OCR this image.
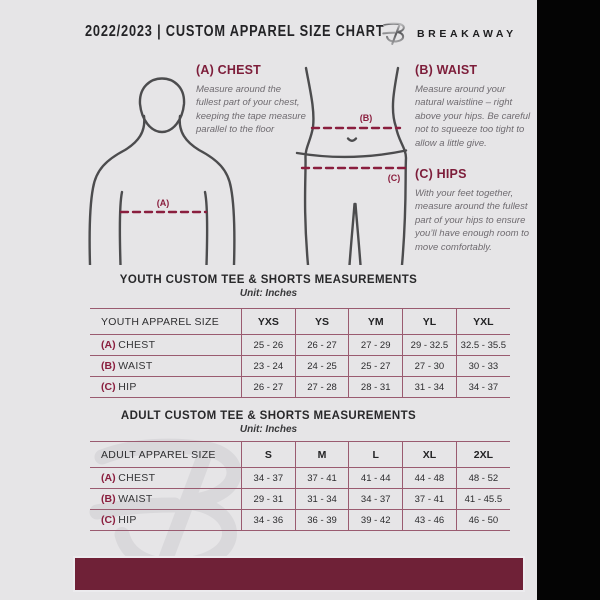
2022/2023 | CUSTOM APPAREL SIZE CHART	BREAKAWAY
(A)
(B)
(C)
(A) CHEST

Measure around the fullest part of your chest, keeping the tape measure parallel to the floor

(B) WAIST

Measure around your natural waistline – right above your hips. Be careful not to squeeze too tight to allow a little give.

(C) HIPS

With your feet together, measure around the fullest part of your hips to ensure you’ll have enough room to move comfortably.

YOUTH CUSTOM TEE & SHORTS MEASUREMENTS
Unit: Inches
YOUTH APPAREL SIZE	YXS	YS	YM	YL	YXL
(A) CHEST	25 - 26	26 - 27	27 - 29	29 - 32.5	32.5 - 35.5
(B) WAIST	23 - 24	24 - 25	25 - 27	27 - 30	30 - 33
(C) HIP	26 - 27	27 - 28	28 - 31	31 - 34	34 - 37
ADULT CUSTOM TEE & SHORTS MEASUREMENTS
Unit: Inches
ADULT APPAREL SIZE	S	M	L	XL	2XL
(A) CHEST	34 - 37	37 - 41	41 - 44	44 - 48	48 - 52
(B) WAIST	29 - 31	31 - 34	34 - 37	37 - 41	41 - 45.5
(C) HIP	34 - 36	36 - 39	39 - 42	43 - 46	46 - 50
